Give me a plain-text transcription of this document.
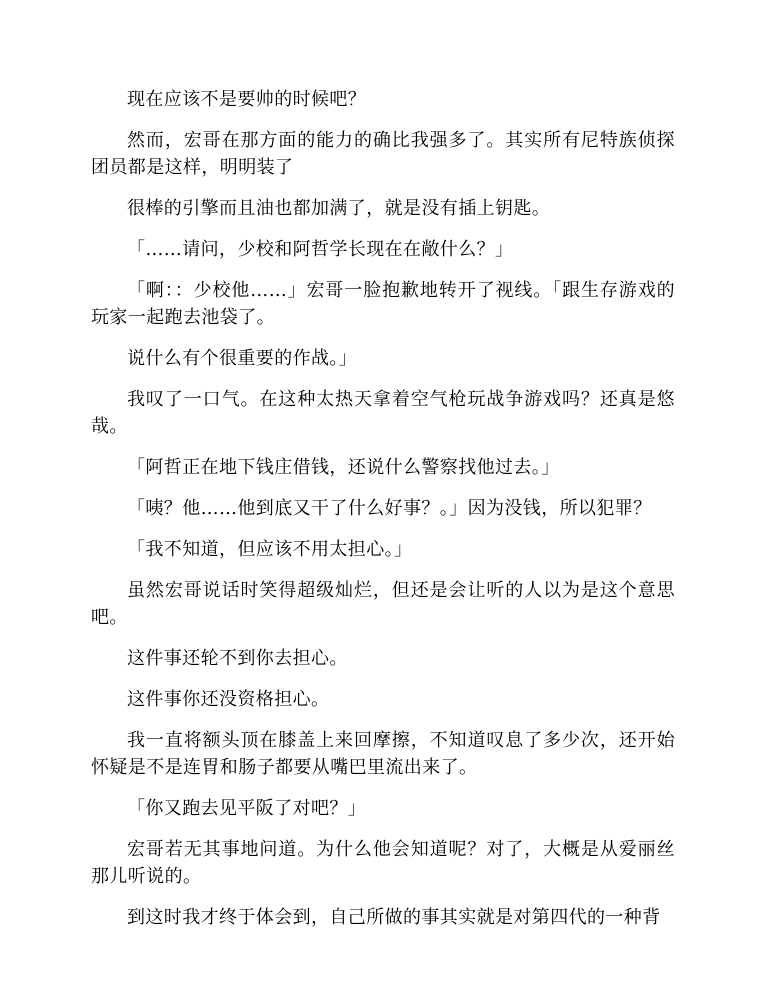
现在应该不是要帅的时候吧？

然而，宏哥在那方面的能力的确比我强多了。其实所有尼特族侦探团员都是这样，明明装了

很棒的引擎而且油也都加满了，就是没有插上钥匙。

「……请问，少校和阿哲学长现在在敞什么？」

「啊：：少校他……」宏哥一脸抱歉地转开了视线。「跟生存游戏的玩家一起跑去池袋了。

说什么有个很重要的作战。」

我叹了一口气。在这种太热天拿着空气枪玩战争游戏吗？还真是悠哉。

「阿哲正在地下钱庄借钱，还说什么警察找他过去。」

「咦？他……他到底又干了什么好事？。」因为没钱，所以犯罪？

「我不知道，但应该不用太担心。」

虽然宏哥说话时笑得超级灿烂，但还是会让听的人以为是这个意思吧。

这件事还轮不到你去担心。

这件事你还没资格担心。

我一直将额头顶在膝盖上来回摩擦，不知道叹息了多少次，还开始怀疑是不是连胃和肠子都要从嘴巴里流出来了。

「你又跑去见平阪了对吧？」

宏哥若无其事地问道。为什么他会知道呢？对了，大概是从爱丽丝那儿听说的。

到这时我才终于体会到，自己所做的事其实就是对第四代的一种背
